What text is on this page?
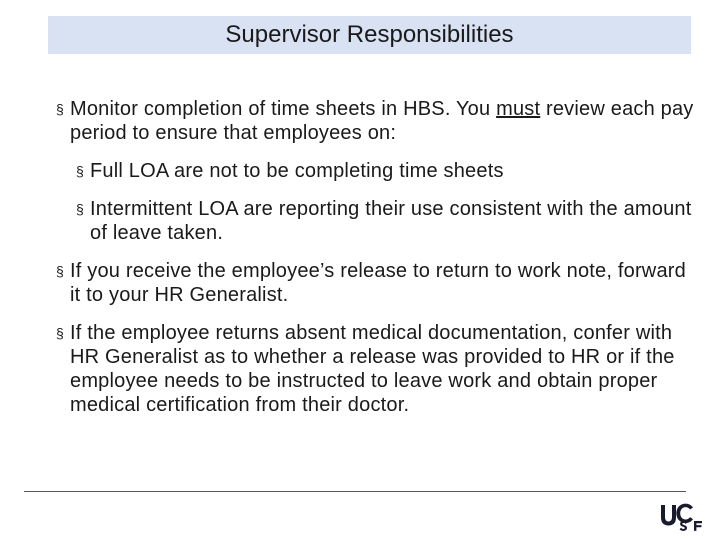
Supervisor Responsibilities
§ Monitor completion of time sheets in HBS. You must review each pay period to ensure that employees on:
§ Full LOA are not to be completing time sheets
§ Intermittent LOA are reporting their use consistent with the amount of leave taken.
§ If you receive the employee’s release to return to work note, forward it to your HR Generalist.
§ If the employee returns absent medical documentation, confer with HR Generalist as to whether a release was provided to HR or if the employee needs to be instructed to leave work and obtain proper medical certification from their doctor.
